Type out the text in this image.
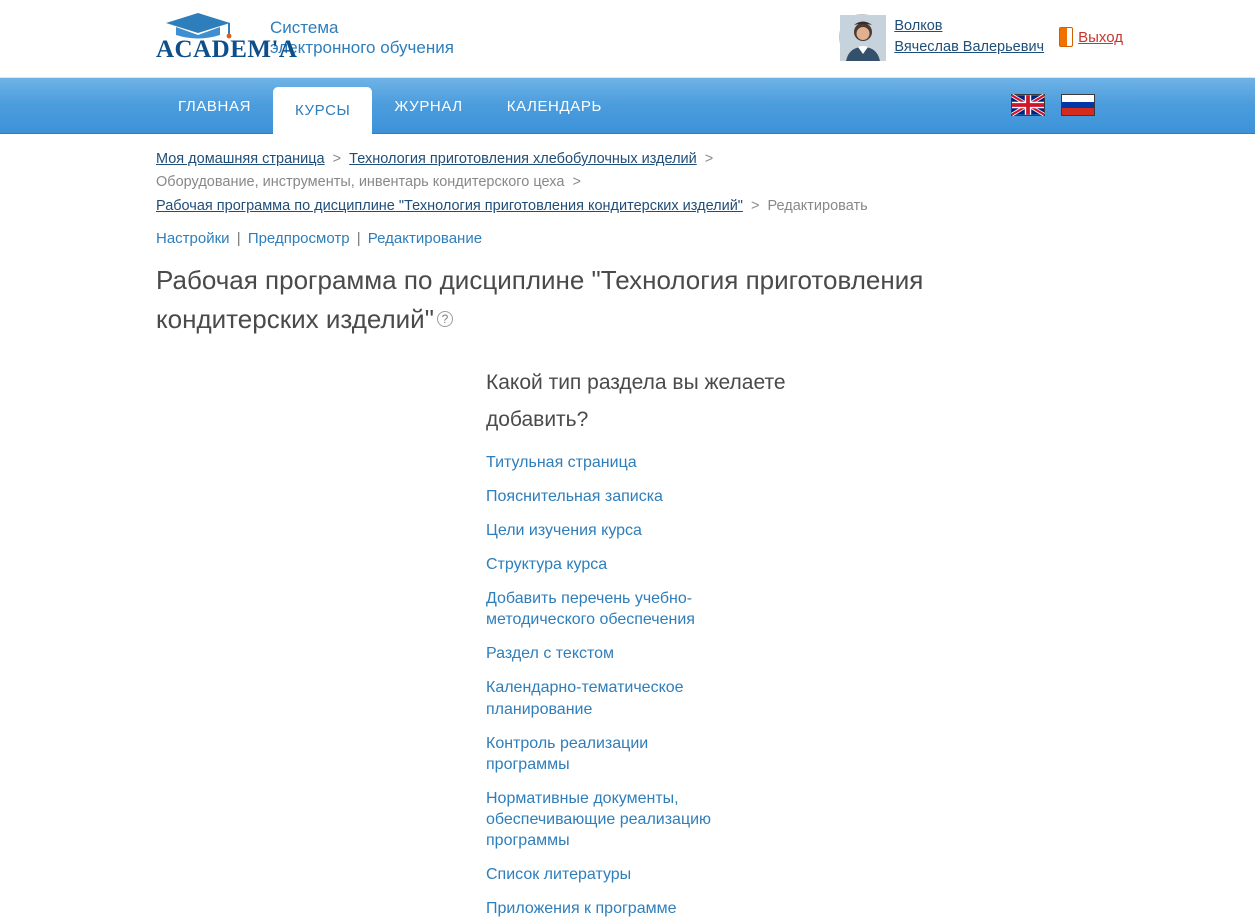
ACADEM'A
Система
электронного обучения
Волков
Вячеслав Валерьевич
Выход
ГЛАВНАЯ	КУРСЫ	ЖУРНАЛ	КАЛЕНДАРЬ
Моя домашняя страница > Технология приготовления хлебобулочных изделий >
Оборудование, инструменты, инвентарь кондитерского цеха >
Рабочая программа по дисциплине "Технология приготовления кондитерских изделий" > Редактировать
Настройки | Предпросмотр | Редактирование
Рабочая программа по дисциплине "Технология приготовления кондитерских изделий" ?
Какой тип раздела вы желаете добавить?
Титульная страница
Пояснительная записка
Цели изучения курса
Структура курса
Добавить перечень учебно-методического обеспечения
Раздел с текстом
Календарно-тематическое планирование
Контроль реализации программы
Нормативные документы, обеспечивающие реализацию программы
Список литературы
Приложения к программе
